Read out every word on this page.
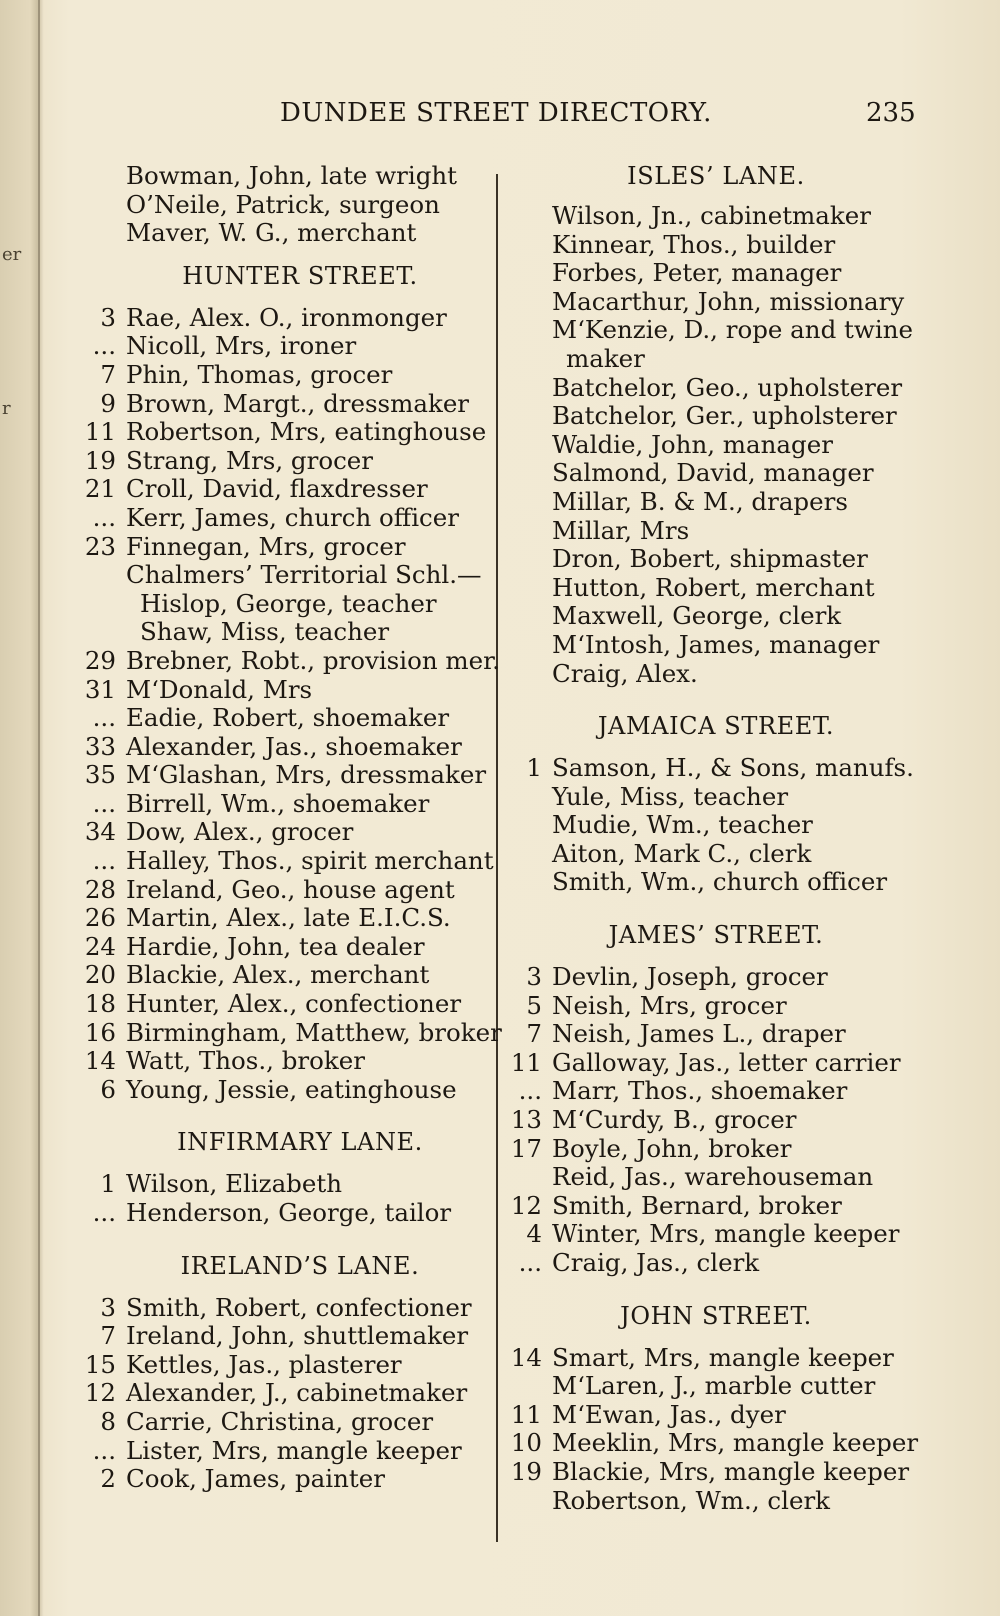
er
r
DUNDEE STREET DIRECTORY.	235
Bowman, John, late wright
O’Neile, Patrick, surgeon
Maver, W. G., merchant
HUNTER STREET.
3 Rae, Alex. O., ironmonger
... Nicoll, Mrs, ironer
7 Phin, Thomas, grocer
9 Brown, Margt., dressmaker
11 Robertson, Mrs, eatinghouse
19 Strang, Mrs, grocer
21 Croll, David, flaxdresser
... Kerr, James, church officer
23 Finnegan, Mrs, grocer
Chalmers’ Territorial Schl.—
Hislop, George, teacher
Shaw, Miss, teacher
29 Brebner, Robt., provision mer.
31 M‘Donald, Mrs
... Eadie, Robert, shoemaker
33 Alexander, Jas., shoemaker
35 M‘Glashan, Mrs, dressmaker
... Birrell, Wm., shoemaker
34 Dow, Alex., grocer
... Halley, Thos., spirit merchant
28 Ireland, Geo., house agent
26 Martin, Alex., late E.I.C.S.
24 Hardie, John, tea dealer
20 Blackie, Alex., merchant
18 Hunter, Alex., confectioner
16 Birmingham, Matthew, broker
14 Watt, Thos., broker
6 Young, Jessie, eatinghouse
INFIRMARY LANE.
1 Wilson, Elizabeth
... Henderson, George, tailor
IRELAND’S LANE.
3 Smith, Robert, confectioner
7 Ireland, John, shuttlemaker
15 Kettles, Jas., plasterer
12 Alexander, J., cabinetmaker
8 Carrie, Christina, grocer
... Lister, Mrs, mangle keeper
2 Cook, James, painter
ISLES’ LANE.
Wilson, Jn., cabinetmaker
Kinnear, Thos., builder
Forbes, Peter, manager
Macarthur, John, missionary
M‘Kenzie, D., rope and twine
maker
Batchelor, Geo., upholsterer
Batchelor, Ger., upholsterer
Waldie, John, manager
Salmond, David, manager
Millar, B. & M., drapers
Millar, Mrs
Dron, Bobert, shipmaster
Hutton, Robert, merchant
Maxwell, George, clerk
M‘Intosh, James, manager
Craig, Alex.
JAMAICA STREET.
1 Samson, H., & Sons, manufs.
Yule, Miss, teacher
Mudie, Wm., teacher
Aiton, Mark C., clerk
Smith, Wm., church officer
JAMES’ STREET.
3 Devlin, Joseph, grocer
5 Neish, Mrs, grocer
7 Neish, James L., draper
11 Galloway, Jas., letter carrier
... Marr, Thos., shoemaker
13 M‘Curdy, B., grocer
17 Boyle, John, broker
Reid, Jas., warehouseman
12 Smith, Bernard, broker
4 Winter, Mrs, mangle keeper
... Craig, Jas., clerk
JOHN STREET.
14 Smart, Mrs, mangle keeper
M‘Laren, J., marble cutter
11 M‘Ewan, Jas., dyer
10 Meeklin, Mrs, mangle keeper
19 Blackie, Mrs, mangle keeper
Robertson, Wm., clerk
